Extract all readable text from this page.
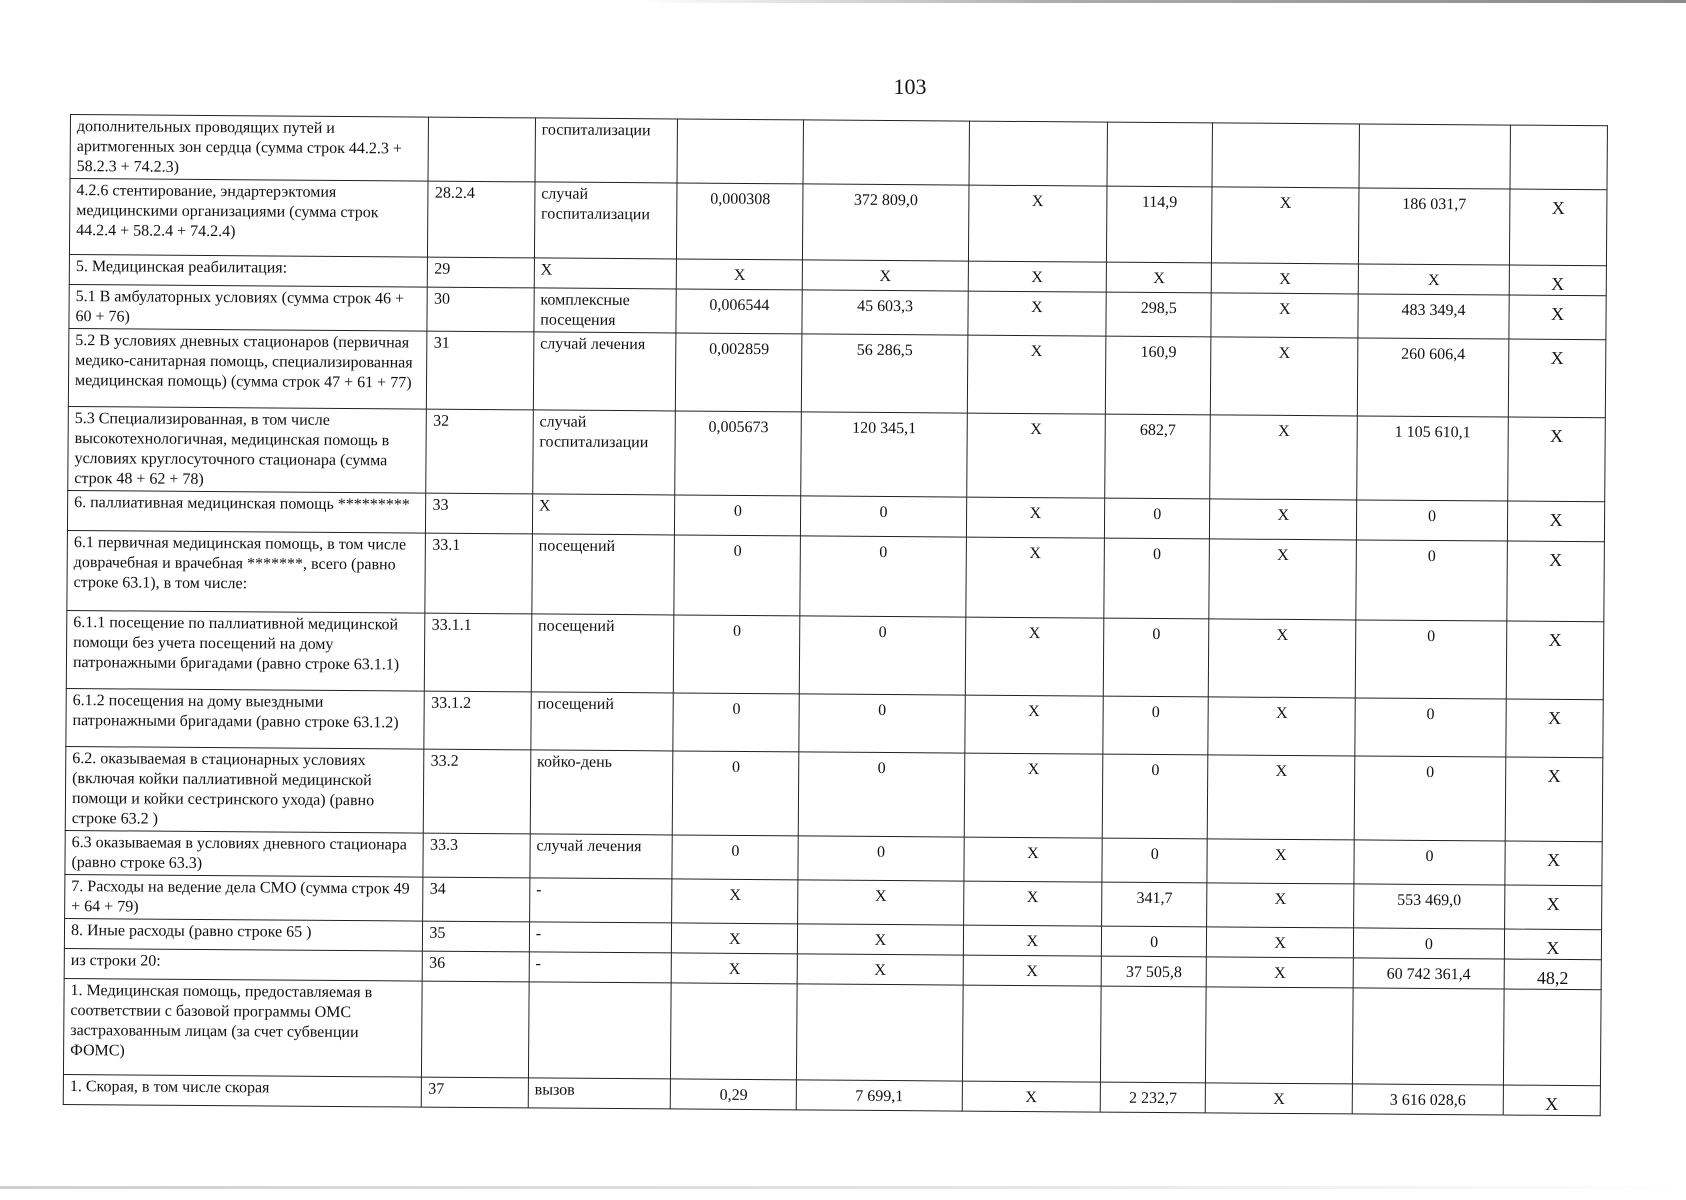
103
дополнительных проводящих путей и аритмогенных зон сердца (сумма строк 44.2.3 + 58.2.3 + 74.2.3)		госпитализации							
4.2.6 стентирование, эндартерэктомия медицинскими организациями (сумма строк 44.2.4 + 58.2.4 + 74.2.4)	28.2.4	случай госпитализации	0,000308	372 809,0	X	114,9	X	186 031,7	X
5. Медицинская реабилитация:	29	X	X	X	X	X	X	X	X
5.1 В амбулаторных условиях (сумма строк 46 + 60 + 76)	30	комплексные посещения	0,006544	45 603,3	X	298,5	X	483 349,4	X
5.2 В условиях дневных стационаров (первичная медико-санитарная помощь, специализированная медицинская помощь) (сумма строк 47 + 61 + 77)	31	случай лечения	0,002859	56 286,5	X	160,9	X	260 606,4	X
5.3 Специализированная, в том числе высокотехнологичная, медицинская помощь в условиях круглосуточного стационара (сумма строк 48 + 62 + 78)	32	случай госпитализации	0,005673	120 345,1	X	682,7	X	1 105 610,1	X
6. паллиативная медицинская помощь *********	33	X	0	0	X	0	X	0	X
6.1 первичная медицинская помощь, в том числе доврачебная и врачебная *******, всего (равно строке 63.1), в том числе:	33.1	посещений	0	0	X	0	X	0	X
6.1.1 посещение по паллиативной медицинской помощи без учета посещений на дому патронажными бригадами (равно строке 63.1.1)	33.1.1	посещений	0	0	X	0	X	0	X
6.1.2 посещения на дому выездными патронажными бригадами (равно строке 63.1.2)	33.1.2	посещений	0	0	X	0	X	0	X
6.2. оказываемая в стационарных условиях (включая койки паллиативной медицинской помощи и койки сестринского ухода) (равно строке 63.2 )	33.2	койко-день	0	0	X	0	X	0	X
6.3 оказываемая в условиях дневного стационара (равно строке 63.3)	33.3	случай лечения	0	0	X	0	X	0	X
7. Расходы на ведение дела СМО (сумма строк 49 + 64 + 79)	34	-	X	X	X	341,7	X	553 469,0	X
8. Иные расходы (равно строке 65 )	35	-	X	X	X	0	X	0	X
из строки 20:	36	-	X	X	X	37 505,8	X	60 742 361,4	48,2
1. Медицинская помощь, предоставляемая в соответствии с базовой программы ОМС застрахованным лицам (за счет субвенции ФОМС)									
1. Скорая, в том числе скорая	37	вызов	0,29	7 699,1	X	2 232,7	X	3 616 028,6	X
